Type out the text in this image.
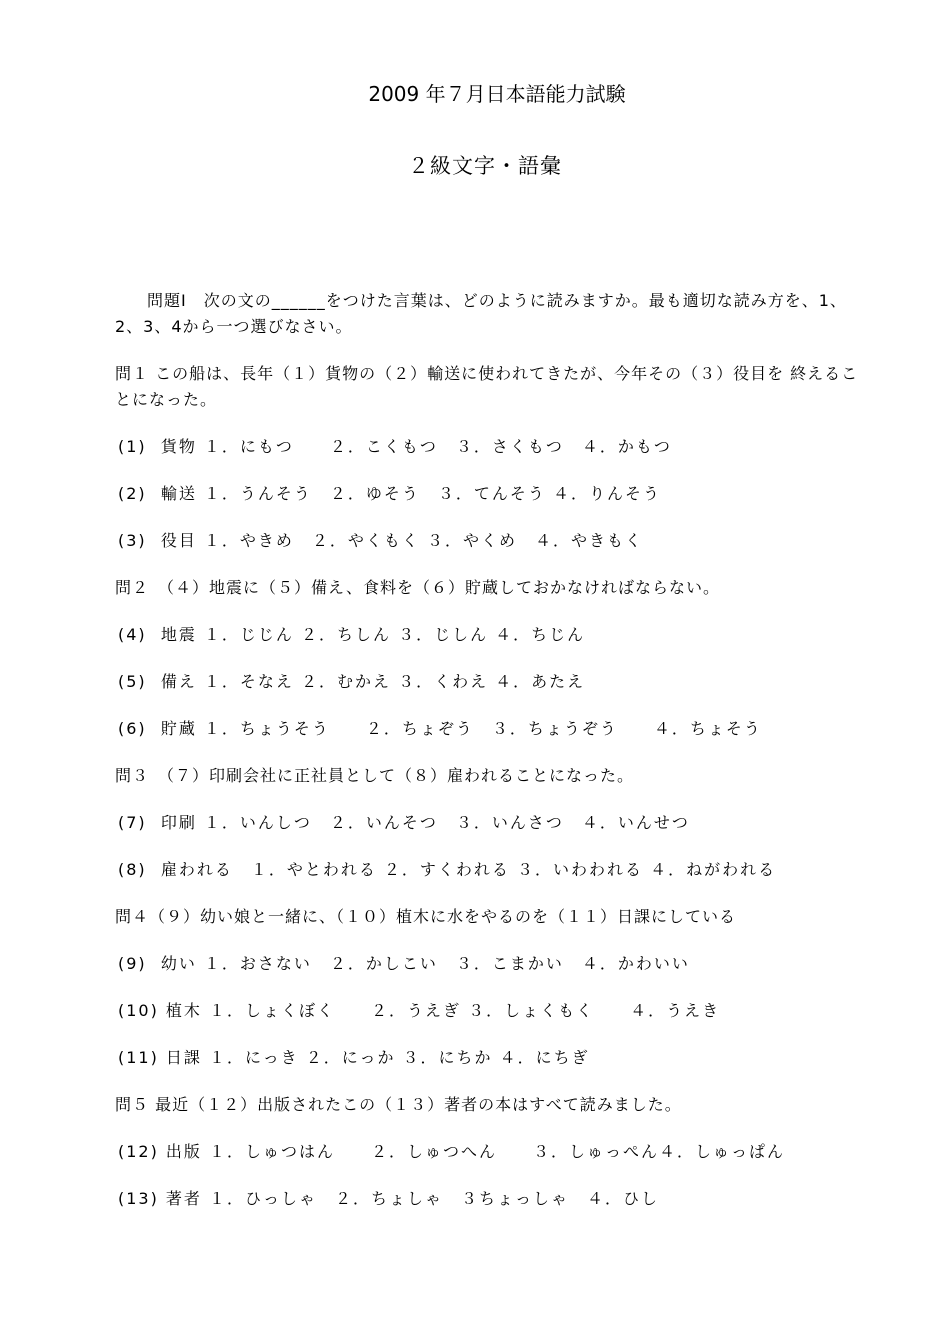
2009 年７月日本語能力試験
２級文字・語彙

問題Ⅰ　次の文の______をつけた言葉は、どのように読みますか。最も適切な読み方を、1、2、3、4から一つ選びなさい。

問１ この船は、長年（１）貨物の（２）輸送に使われてきたが、今年その（３）役目を 終えることになった。

(1)  貨物 １．にもつ　　２．こくもつ　３．さくもつ　４．かもつ

(2)  輸送 １．うんそう　２．ゆそう　３．てんそう ４．りんそう

(3)  役目 １．やきめ　２．やくもく ３．やくめ　４．やきもく

問２　（４）地震に（５）備え、食料を（６）貯蔵しておかなければならない。

(4)  地震 １．じじん ２．ちしん ３．じしん ４．ちじん

(5)  備え １．そなえ ２．むかえ ３．くわえ ４．あたえ

(6)  貯蔵 １．ちょうそう　　２．ちょぞう　３．ちょうぞう　　４．ちょそう

問３　（７）印刷会社に正社員として（８）雇われることになった。

(7)  印刷 １．いんしつ　２．いんそつ　３．いんさつ　４．いんせつ

(8)  雇われる　１．やとわれる ２．すくわれる ３．いわわれる ４．ねがわれる

問４（９）幼い娘と一緒に、（１０）植木に水をやるのを（１１）日課にしている

(9)  幼い １．おさない　２．かしこい　３．こまかい　４．かわいい

(10) 植木 １．しょくぼく　　２．うえぎ ３．しょくもく　　４．うえき

(11) 日課 １．にっき ２．にっか ３．にちか ４．にちぎ

問５ 最近（１２）出版されたこの（１３）著者の本はすべて読みました。

(12) 出版 １．しゅつはん　　２．しゅつへん　　３．しゅっぺん４．しゅっぱん

(13) 著者 １．ひっしゃ　２．ちょしゃ　３ちょっしゃ　４．ひし
